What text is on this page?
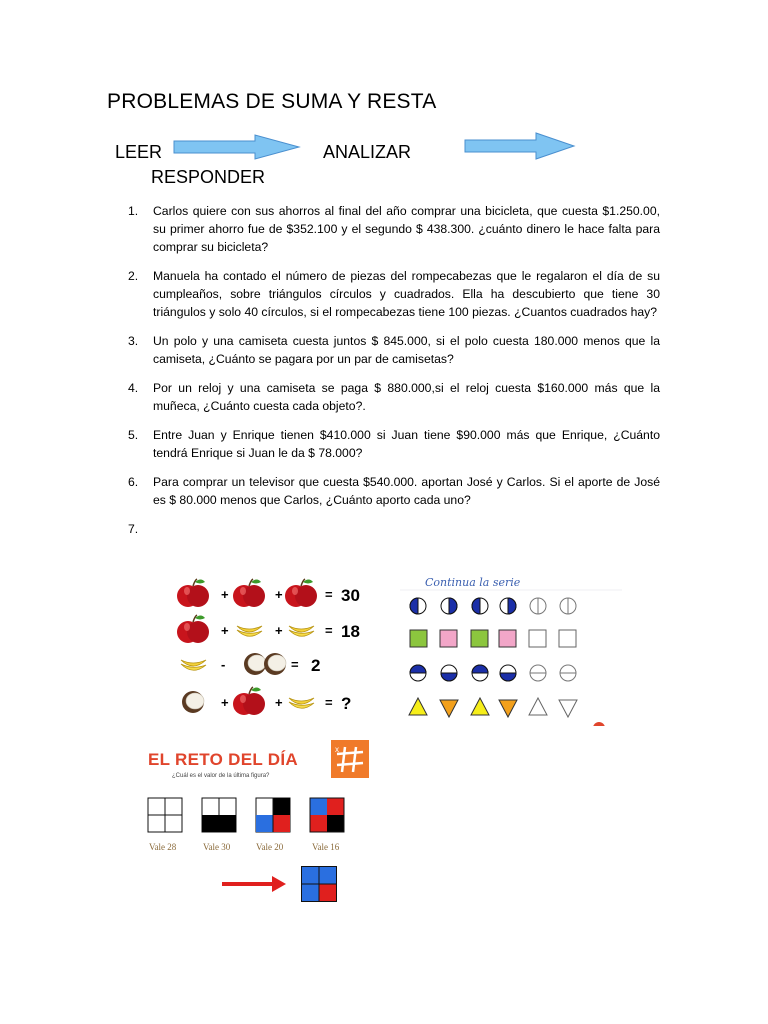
PROBLEMAS DE SUMA Y RESTA
LEER	ANALIZAR
RESPONDER
1. Carlos quiere con sus ahorros al final del año comprar una bicicleta, que cuesta $1.250.00, su primer ahorro fue de $352.100 y el segundo $ 438.300. ¿cuánto dinero le hace falta para comprar su bicicleta?
2. Manuela ha contado el número de piezas del rompecabezas que le regalaron el día de su cumpleaños, sobre triángulos círculos y cuadrados. Ella ha descubierto que tiene 30 triángulos y solo 40 círculos, si el rompecabezas tiene 100 piezas. ¿Cuantos cuadrados hay?
3. Un polo y una camiseta cuesta juntos $ 845.000, si el polo cuesta 180.000 menos que la camiseta, ¿Cuánto se pagara por un par de camisetas?
4. Por un reloj y una camiseta se paga $ 880.000,si el reloj cuesta $160.000 más que la muñeca, ¿Cuánto cuesta cada objeto?.
5. Entre Juan y Enrique tienen $410.000 si Juan tiene $90.000 más que Enrique, ¿Cuánto tendrá Enrique si Juan le da $ 78.000?
6. Para comprar un televisor que cuesta $540.000. aportan José y Carlos. Si el aporte de José es $ 80.000 menos que Carlos, ¿Cuánto aporto cada uno?
7.
+	+	= 30
+	+	= 18
-	= 2
+	+	= ?
Continua la serie
EL RETO DEL DÍA
¿Cuál es el valor de la última figura?
x
Vale 28	Vale 30	Vale 20	Vale 16
